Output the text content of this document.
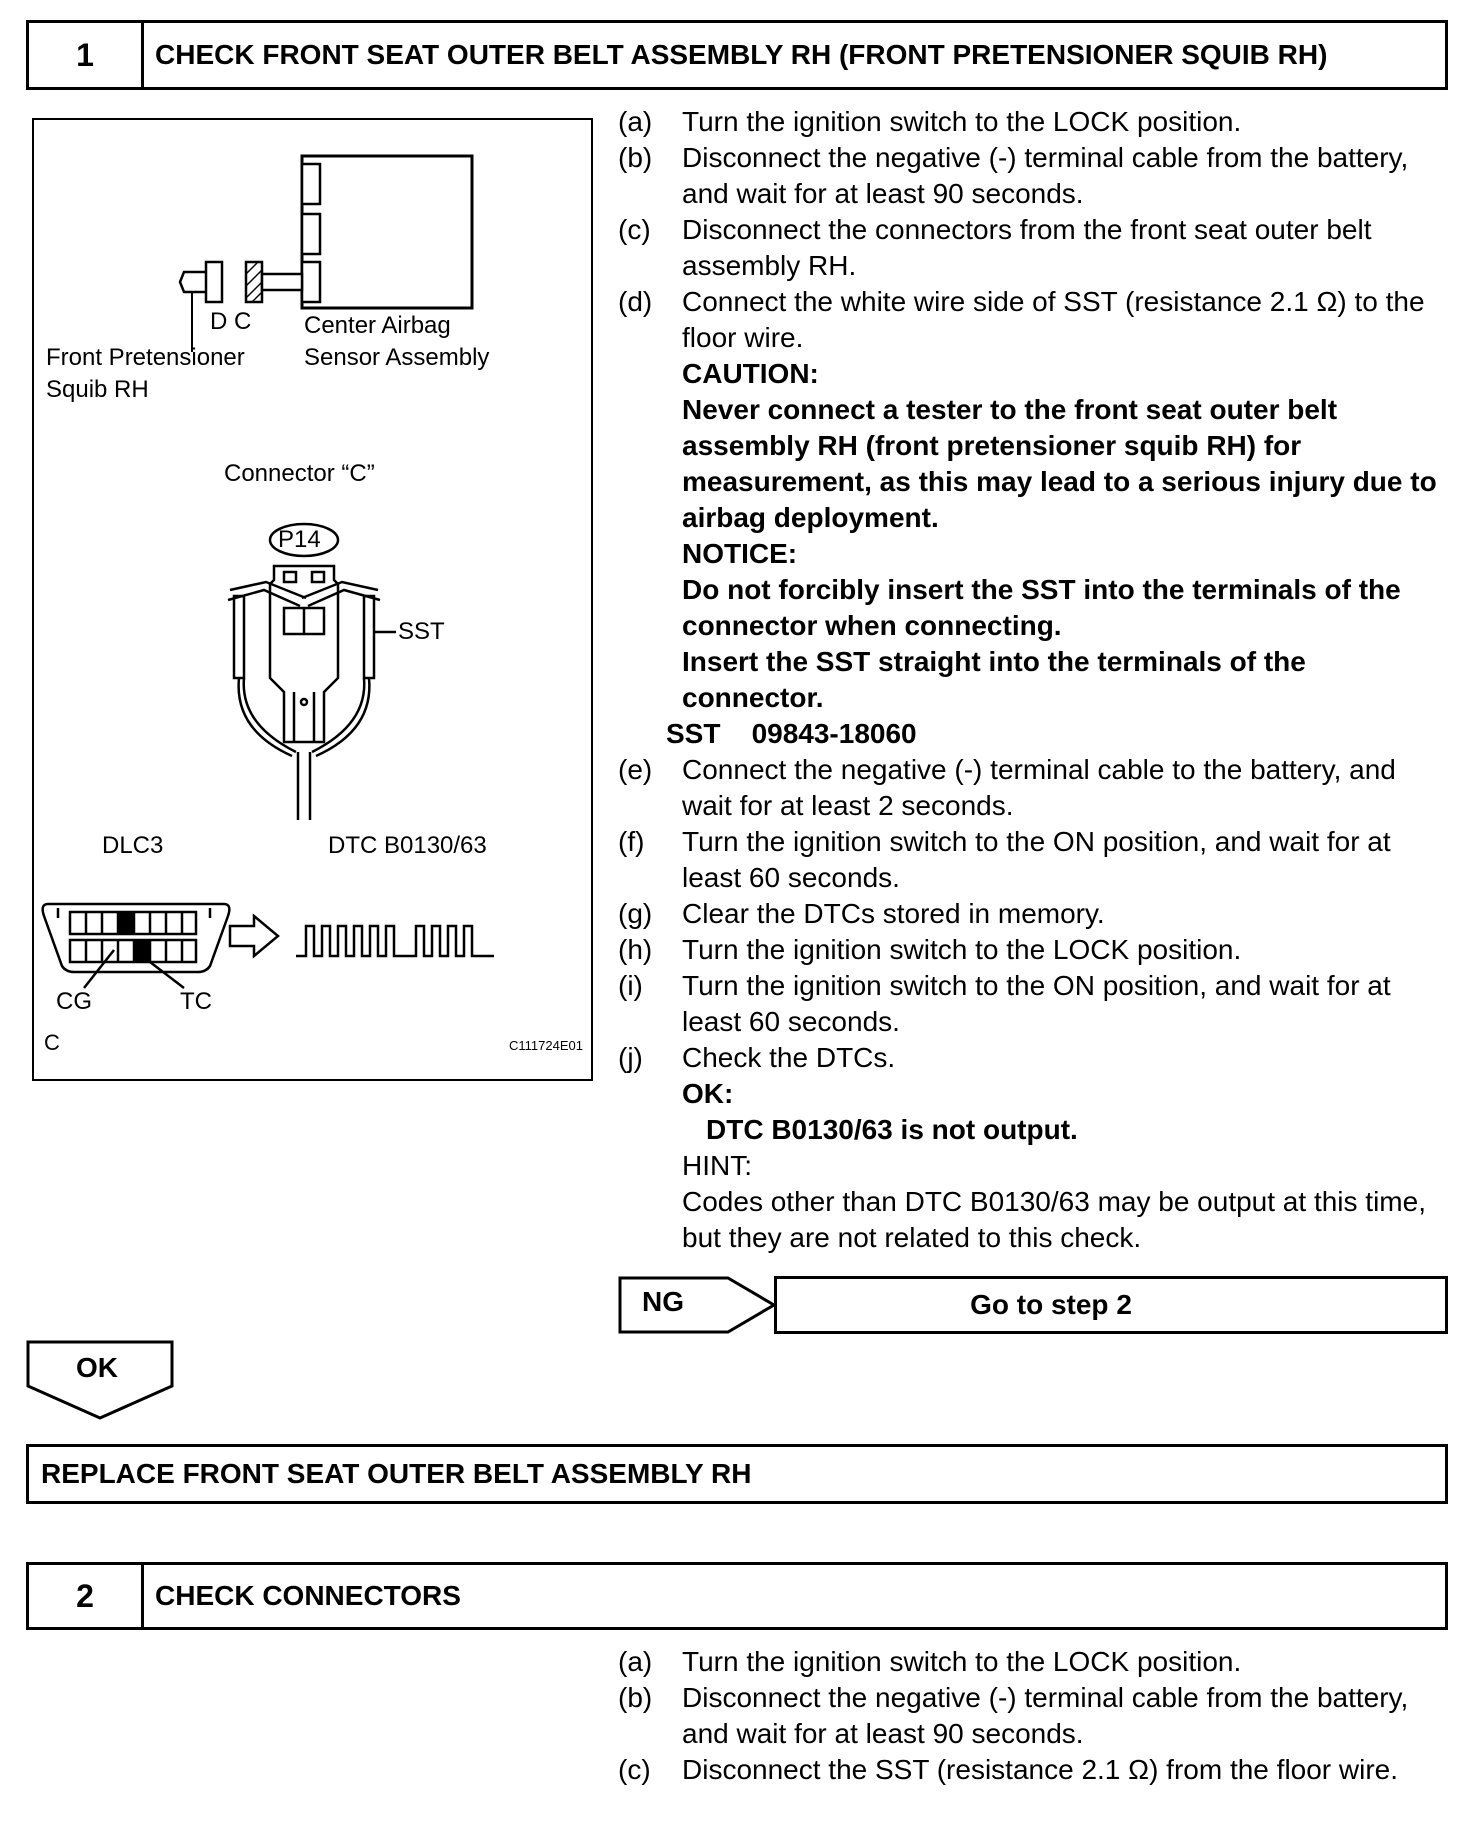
1	CHECK FRONT SEAT OUTER BELT ASSEMBLY RH (FRONT PRETENSIONER SQUIB RH)
D C Center Airbag
Sensor Assembly
Front Pretensioner
Squib RH
Connector “C”
P14
SST
DLC3	DTC B0130/63
CG	TC
C	C111724E01
(a) Turn the ignition switch to the LOCK position.
(b) Disconnect the negative (-) terminal cable from the battery, and wait for at least 90 seconds.
(c) Disconnect the connectors from the front seat outer belt assembly RH.
(d) Connect the white wire side of SST (resistance 2.1 Ω) to the floor wire.
CAUTION:
Never connect a tester to the front seat outer belt assembly RH (front pretensioner squib RH) for measurement, as this may lead to a serious injury due to airbag deployment.
NOTICE:
Do not forcibly insert the SST into the terminals of the connector when connecting.
Insert the SST straight into the terminals of the connector.
SST    09843-18060
(e) Connect the negative (-) terminal cable to the battery, and wait for at least 2 seconds.
(f) Turn the ignition switch to the ON position, and wait for at least 60 seconds.
(g) Clear the DTCs stored in memory.
(h) Turn the ignition switch to the LOCK position.
(i) Turn the ignition switch to the ON position, and wait for at least 60 seconds.
(j) Check the DTCs.
OK:
DTC B0130/63 is not output.
HINT:
Codes other than DTC B0130/63 may be output at this time, but they are not related to this check.
NG	Go to step 2
OK
REPLACE FRONT SEAT OUTER BELT ASSEMBLY RH
2	CHECK CONNECTORS
(a) Turn the ignition switch to the LOCK position.
(b) Disconnect the negative (-) terminal cable from the battery, and wait for at least 90 seconds.
(c) Disconnect the SST (resistance 2.1 Ω) from the floor wire.
